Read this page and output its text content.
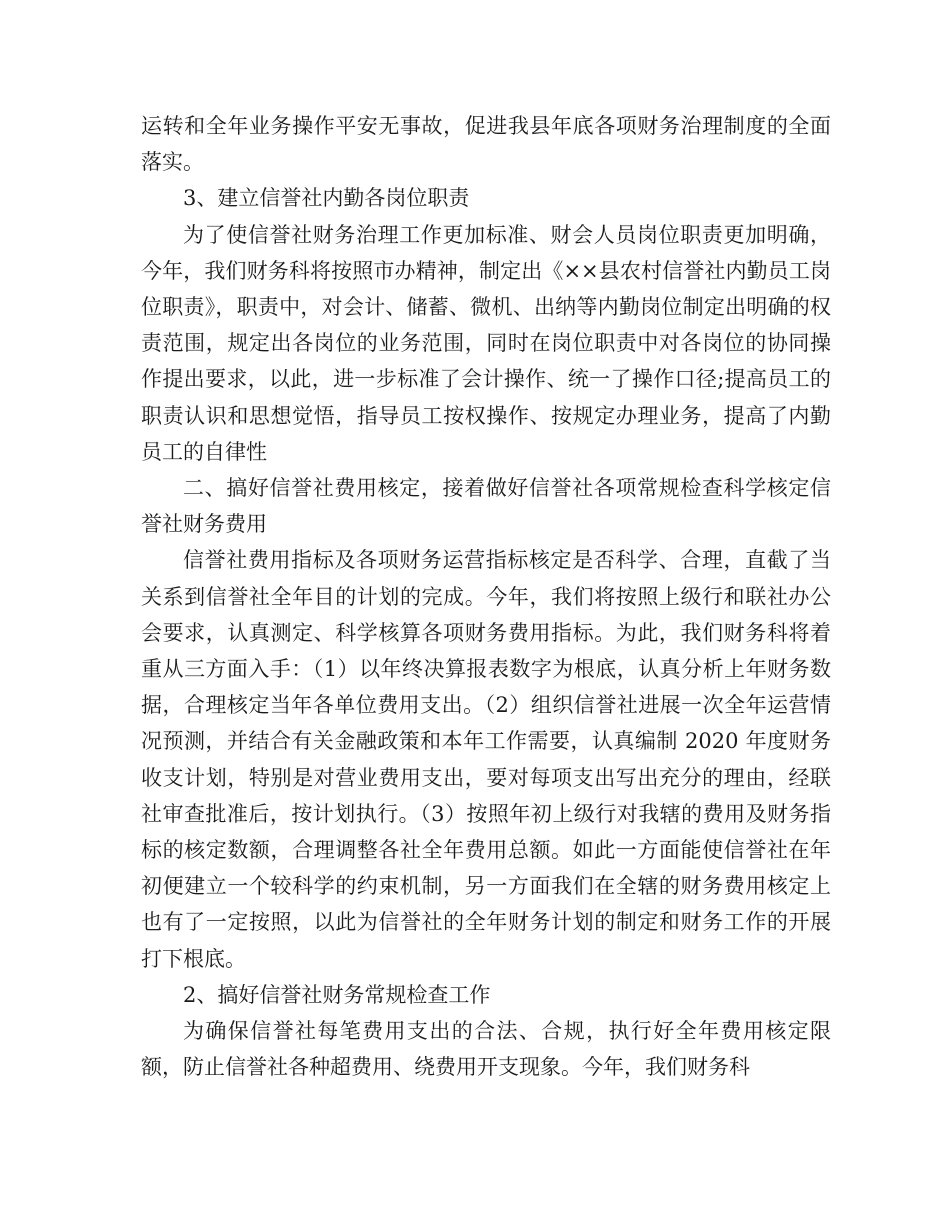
运转和全年业务操作平安无事故，促进我县年底各项财务治理制度的全面落实。

3、建立信誉社内勤各岗位职责

为了使信誉社财务治理工作更加标准、财会人员岗位职责更加明确，今年，我们财务科将按照市办精神，制定出《××县农村信誉社内勤员工岗位职责》，职责中，对会计、储蓄、微机、出纳等内勤岗位制定出明确的权责范围，规定出各岗位的业务范围，同时在岗位职责中对各岗位的协同操作提出要求，以此，进一步标准了会计操作、统一了操作口径;提高员工的职责认识和思想觉悟，指导员工按权操作、按规定办理业务，提高了内勤员工的自律性

二、搞好信誉社费用核定，接着做好信誉社各项常规检查科学核定信誉社财务费用

信誉社费用指标及各项财务运营指标核定是否科学、合理，直截了当关系到信誉社全年目的计划的完成。今年，我们将按照上级行和联社办公会要求，认真测定、科学核算各项财务费用指标。为此，我们财务科将着重从三方面入手：（1）以年终决算报表数字为根底，认真分析上年财务数据，合理核定当年各单位费用支出。（2）组织信誉社进展一次全年运营情况预测，并结合有关金融政策和本年工作需要，认真编制 2020 年度财务收支计划，特别是对营业费用支出，要对每项支出写出充分的理由，经联社审查批准后，按计划执行。（3）按照年初上级行对我辖的费用及财务指标的核定数额，合理调整各社全年费用总额。如此一方面能使信誉社在年初便建立一个较科学的约束机制，另一方面我们在全辖的财务费用核定上也有了一定按照，以此为信誉社的全年财务计划的制定和财务工作的开展打下根底。

2、搞好信誉社财务常规检查工作

为确保信誉社每笔费用支出的合法、合规，执行好全年费用核定限额，防止信誉社各种超费用、绕费用开支现象。今年，我们财务科
